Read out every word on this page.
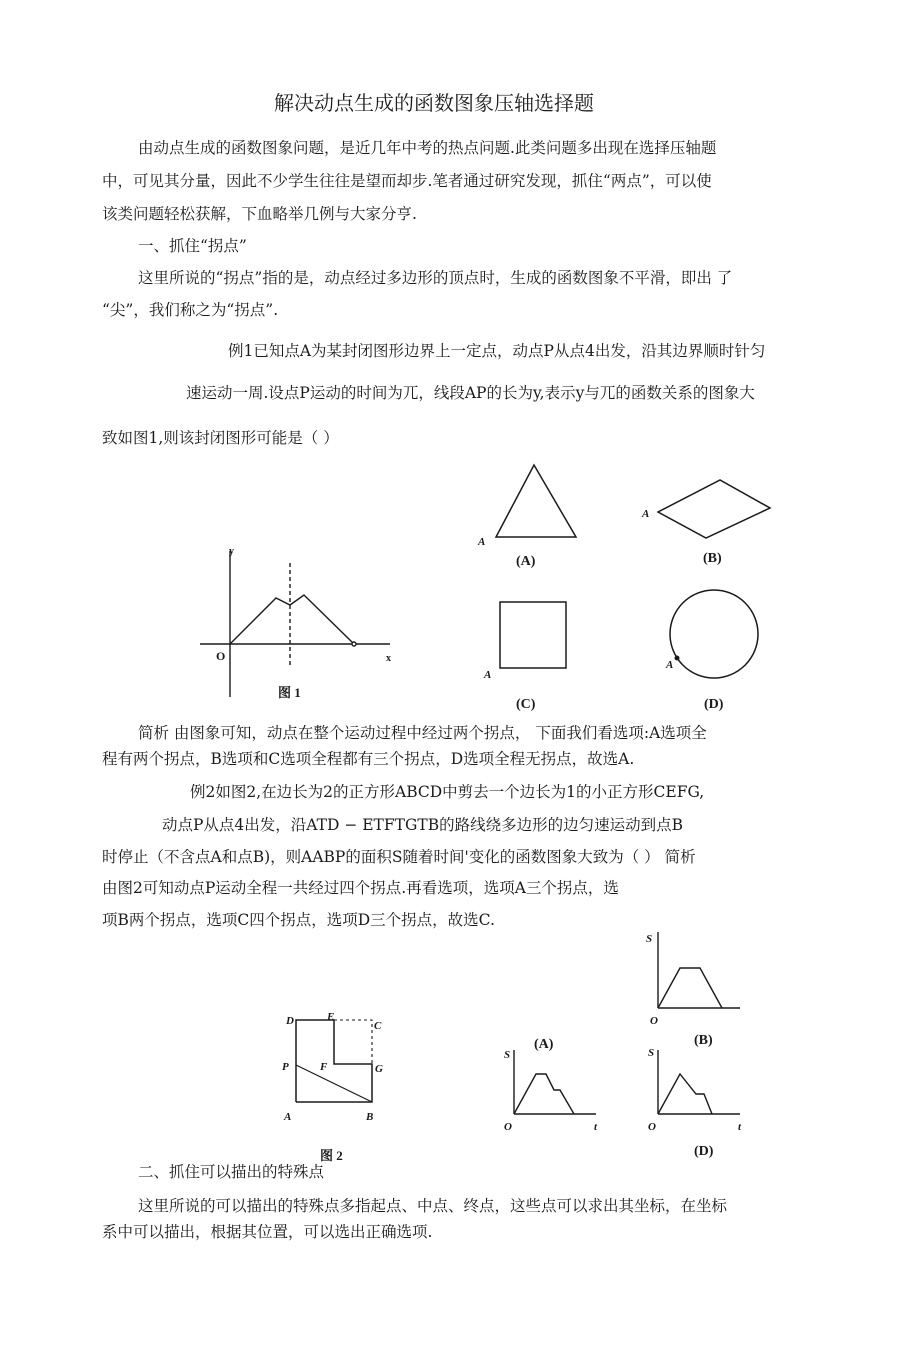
解决动点生成的函数图象压轴选择题
由动点生成的函数图象问题，是近几年中考的热点问题.此类问题多出现在选择压轴题
中，可见其分量，因此不少学生往往是望而却步.笔者通过研究发现，抓住“两点”，可以使
该类问题轻松获解，下血略举几例与大家分亨.
一、抓住“拐点”
这里所说的“拐点”指的是，动点经过多边形的顶点时，生成的函数图象不平滑，即出 了
“尖”，我们称之为“拐点”.
例1已知点A为某封闭图形边界上一定点，动点P从点4出发，沿其边界顺时针匀
速运动一周.设点P运动的时间为兀，线段AP的长为y,表示y与兀的函数关系的图象大
致如图1,则该封闭图形可能是（ ）
y
x
O
图 1
A
(A)
A
(B)
A
(C)
A
(D)
简析 由图象可知，动点在整个运动过程中经过两个拐点， 下面我们看选项:A选项全
程有两个拐点，B选项和C选项全程都有三个拐点，D选项全程无拐点，故选A.
例2如图2,在边长为2的正方形ABCD中剪去一个边长为1的小正方形CEFG,
动点P从点4出发，沿ATD − ETFTGTB的路线绕多边形的边匀速运动到点B
时停止（不含点A和点B)，则AABP的面积S随着时间'变化的函数图象大致为（ ） 简析
由图2可知动点P运动全程一共经过四个拐点.再看选项，选项A三个拐点，选
项B两个拐点，选项C四个拐点，选项D三个拐点，故选C.
D	E
C
P	F	G
A	B
图 2
S
O
(B)
S
(A)
O	t
S
O	t
(D)
二、抓住可以描出的特殊点
这里所说的可以描出的特殊点多指起点、中点、终点，这些点可以求出其坐标，在坐标
系中可以描出，根据其位置，可以选出正确选项.
